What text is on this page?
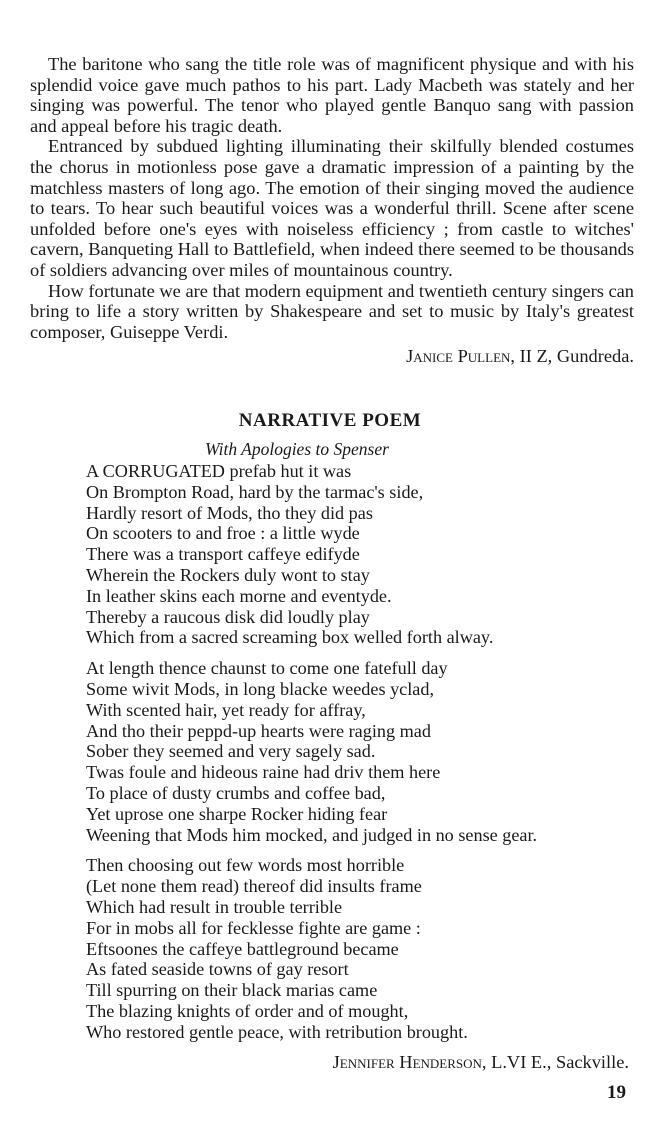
The baritone who sang the title role was of magnificent physique and with his splendid voice gave much pathos to his part. Lady Macbeth was stately and her singing was powerful. The tenor who played gentle Banquo sang with passion and appeal before his tragic death.

Entranced by subdued lighting illuminating their skilfully blended costumes the chorus in motionless pose gave a dramatic impression of a painting by the matchless masters of long ago. The emotion of their singing moved the audience to tears. To hear such beautiful voices was a wonderful thrill. Scene after scene unfolded before one's eyes with noiseless efficiency ; from castle to witches' cavern, Banqueting Hall to Battlefield, when indeed there seemed to be thousands of soldiers advancing over miles of mountainous country.

How fortunate we are that modern equipment and twentieth century singers can bring to life a story written by Shakespeare and set to music by Italy's greatest composer, Guiseppe Verdi.

Janice Pullen, II Z, Gundreda.
NARRATIVE POEM
With Apologies to Spenser
A CORRUGATED prefab hut it was
On Brompton Road, hard by the tarmac's side,
Hardly resort of Mods, tho they did pas
On scooters to and froe : a little wyde
There was a transport caffeye edifyde
Wherein the Rockers duly wont to stay
In leather skins each morne and eventyde.
Thereby a raucous disk did loudly play
Which from a sacred screaming box welled forth alway.
At length thence chaunst to come one fatefull day
Some wivit Mods, in long blacke weedes yclad,
With scented hair, yet ready for affray,
And tho their peppd-up hearts were raging mad
Sober they seemed and very sagely sad.
Twas foule and hideous raine had driv them here
To place of dusty crumbs and coffee bad,
Yet uprose one sharpe Rocker hiding fear
Weening that Mods him mocked, and judged in no sense gear.
Then choosing out few words most horrible
(Let none them read) thereof did insults frame
Which had result in trouble terrible
For in mobs all for fecklesse fighte are game :
Eftsoones the caffeye battleground became
As fated seaside towns of gay resort
Till spurring on their black marias came
The blazing knights of order and of mought,
Who restored gentle peace, with retribution brought.
Jennifer Henderson, L.VI E., Sackville.
19
